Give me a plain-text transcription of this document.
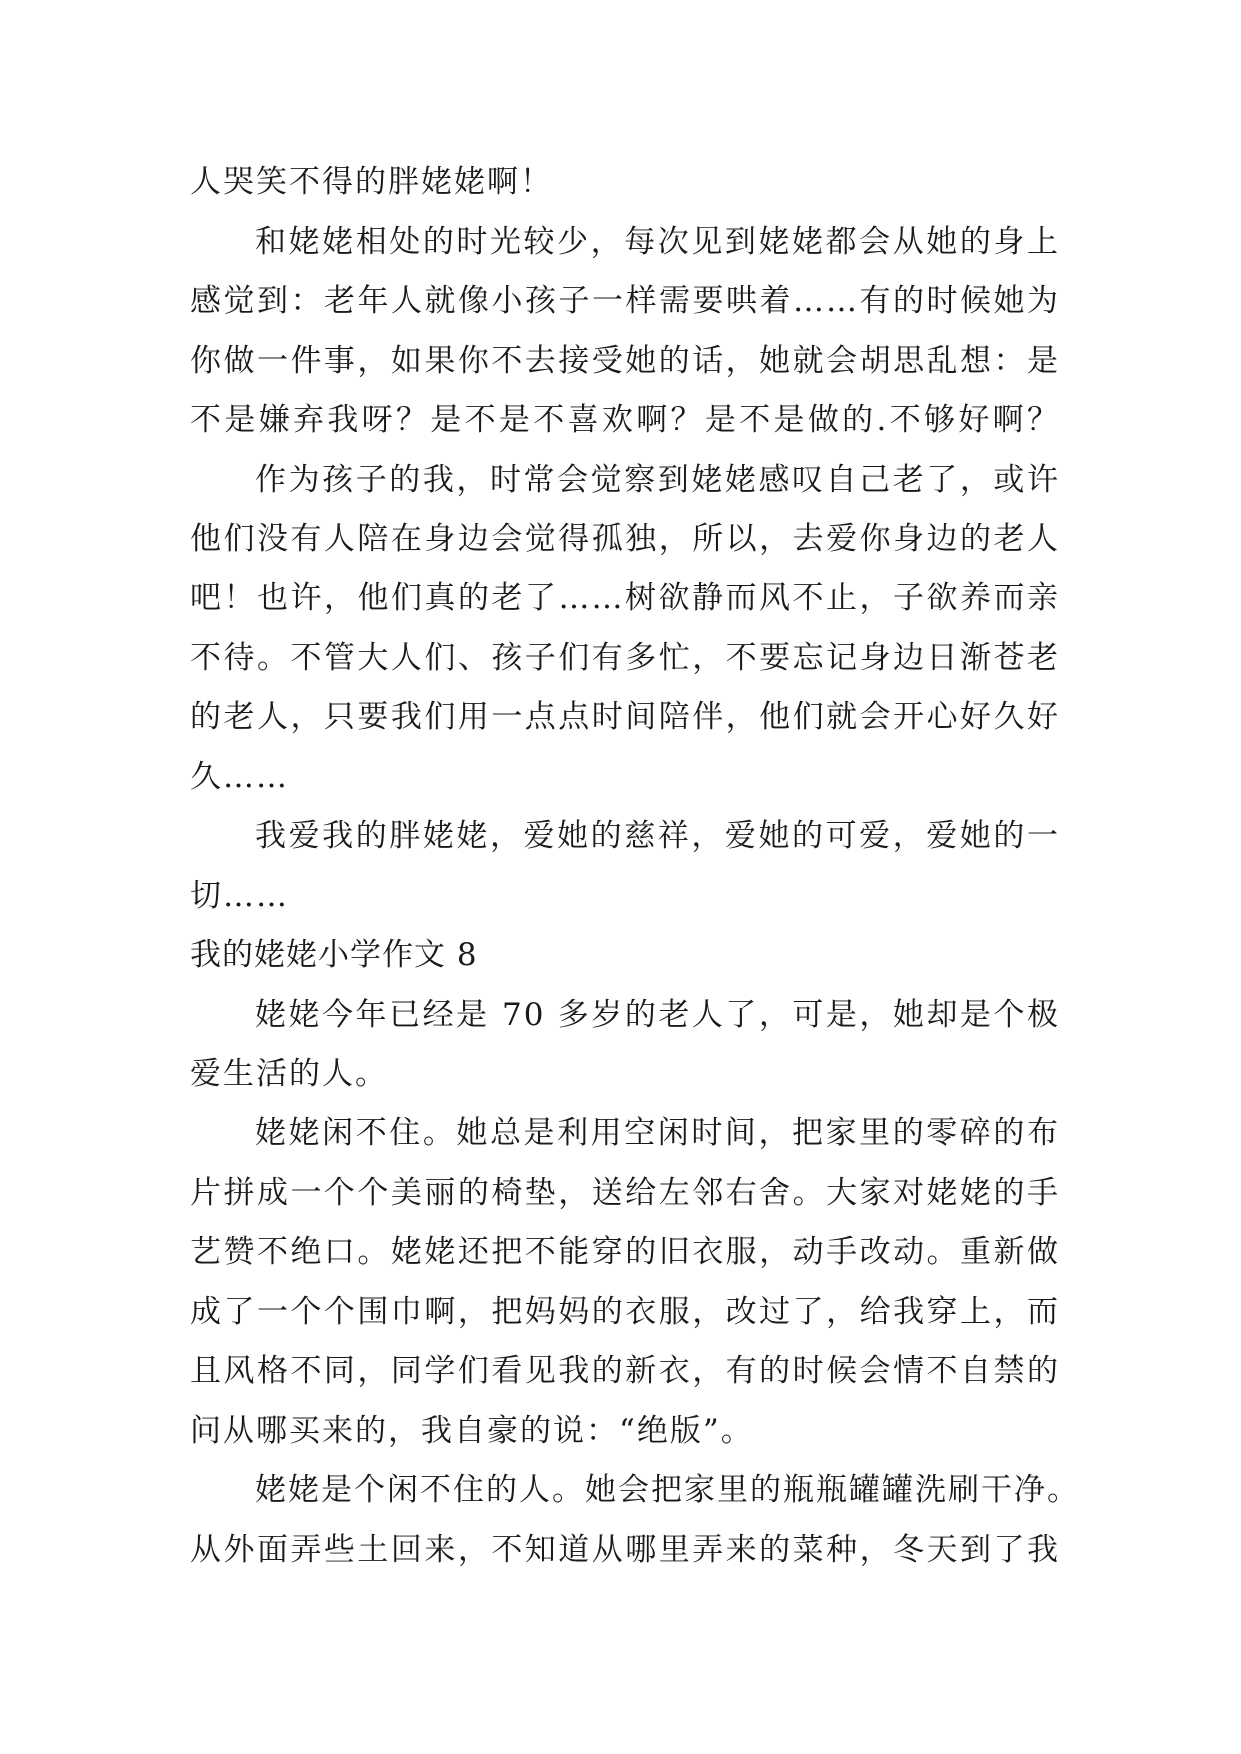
人哭笑不得的胖姥姥啊！
和姥姥相处的时光较少，每次见到姥姥都会从她的身上
感觉到：老年人就像小孩子一样需要哄着……有的时候她为
你做一件事，如果你不去接受她的话，她就会胡思乱想：是
不是嫌弃我呀？是不是不喜欢啊？是不是做的.不够好啊？
作为孩子的我，时常会觉察到姥姥感叹自己老了，或许
他们没有人陪在身边会觉得孤独，所以，去爱你身边的老人
吧！也许，他们真的老了……树欲静而风不止，子欲养而亲
不待。不管大人们、孩子们有多忙，不要忘记身边日渐苍老
的老人，只要我们用一点点时间陪伴，他们就会开心好久好
久……
我爱我的胖姥姥，爱她的慈祥，爱她的可爱，爱她的一
切……
我的姥姥小学作文 8
姥姥今年已经是 70 多岁的老人了，可是，她却是个极
爱生活的人。
姥姥闲不住。她总是利用空闲时间，把家里的零碎的布
片拼成一个个美丽的椅垫，送给左邻右舍。大家对姥姥的手
艺赞不绝口。姥姥还把不能穿的旧衣服，动手改动。重新做
成了一个个围巾啊，把妈妈的衣服，改过了，给我穿上，而
且风格不同，同学们看见我的新衣，有的时候会情不自禁的
问从哪买来的，我自豪的说：“绝版”。
姥姥是个闲不住的人。她会把家里的瓶瓶罐罐洗刷干净。
从外面弄些土回来，不知道从哪里弄来的菜种，冬天到了我
